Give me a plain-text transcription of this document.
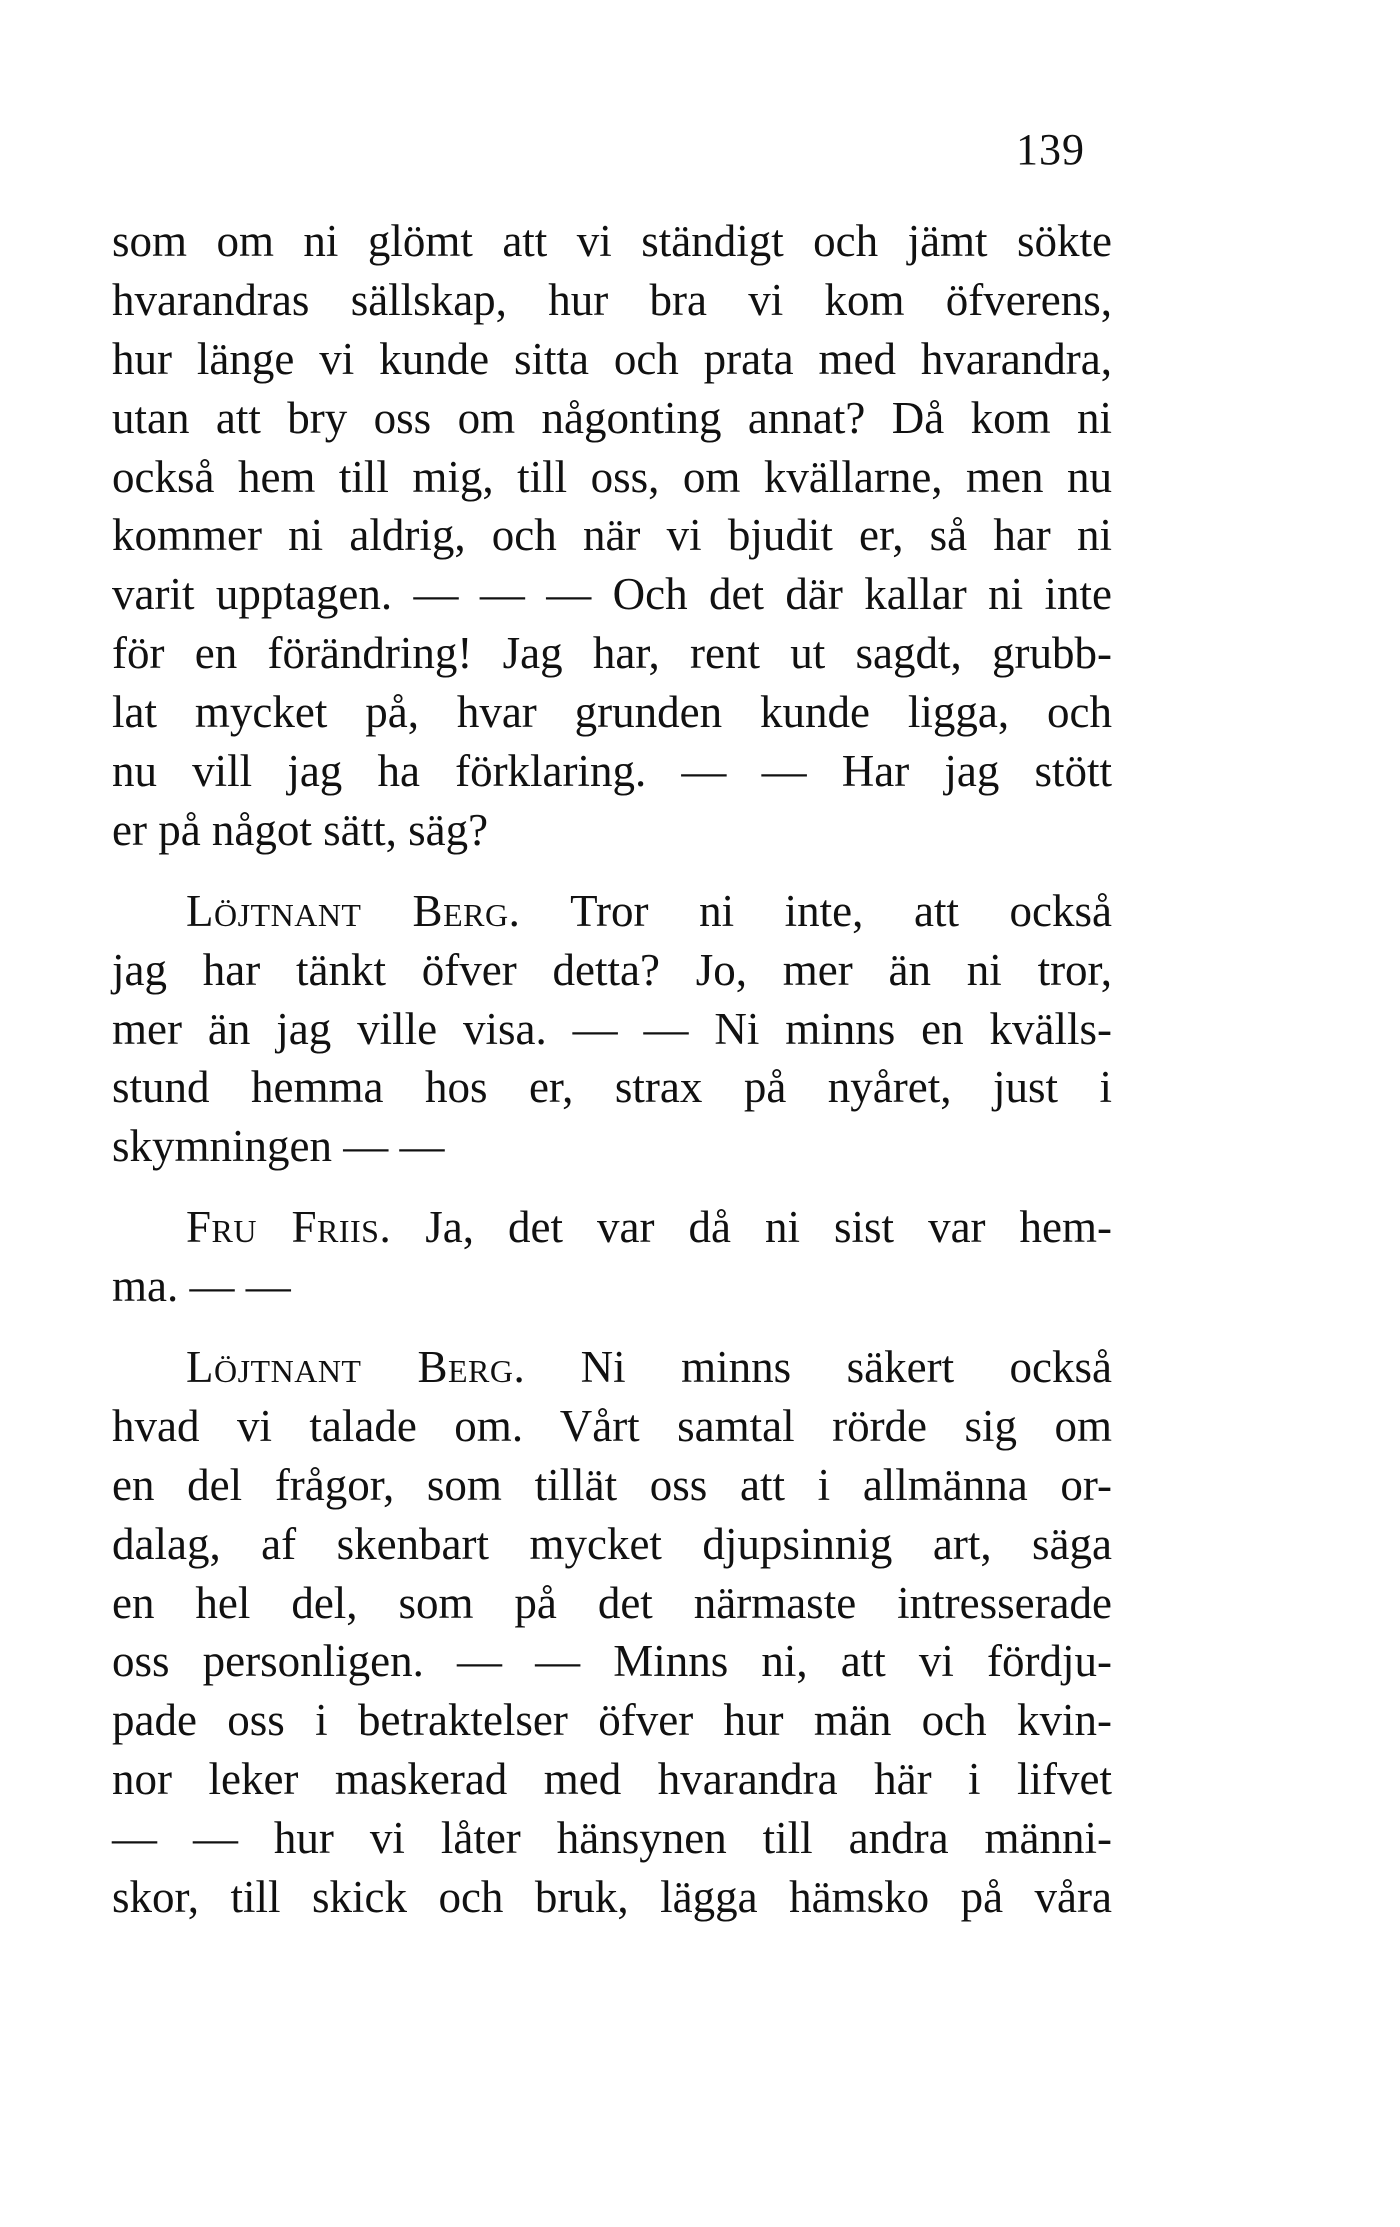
139
som om ni glömt att vi ständigt och jämt sökte
hvarandras sällskap, hur bra vi kom öfverens,
hur länge vi kunde sitta och prata med hvarandra,
utan att bry oss om någonting annat? Då kom ni
också hem till mig, till oss, om kvällarne, men nu
kommer ni aldrig, och när vi bjudit er, så har ni
varit upptagen. — — — Och det där kallar ni inte
för en förändring! Jag har, rent ut sagdt, grubb-
lat mycket på, hvar grunden kunde ligga, och
nu vill jag ha förklaring. — — Har jag stött
er på något sätt, säg?
Löjtnant Berg. Tror ni inte, att också
jag har tänkt öfver detta? Jo, mer än ni tror,
mer än jag ville visa. — — Ni minns en kvälls-
stund hemma hos er, strax på nyåret, just i
skymningen — —
Fru Friis. Ja, det var då ni sist var hem-
ma. — —
Löjtnant Berg. Ni minns säkert också
hvad vi talade om. Vårt samtal rörde sig om
en del frågor, som tillät oss att i allmänna or-
dalag, af skenbart mycket djupsinnig art, säga
en hel del, som på det närmaste intresserade
oss personligen. — — Minns ni, att vi fördju-
pade oss i betraktelser öfver hur män och kvin-
nor leker maskerad med hvarandra här i lifvet
— — hur vi låter hänsynen till andra männi-
skor, till skick och bruk, lägga hämsko på våra
